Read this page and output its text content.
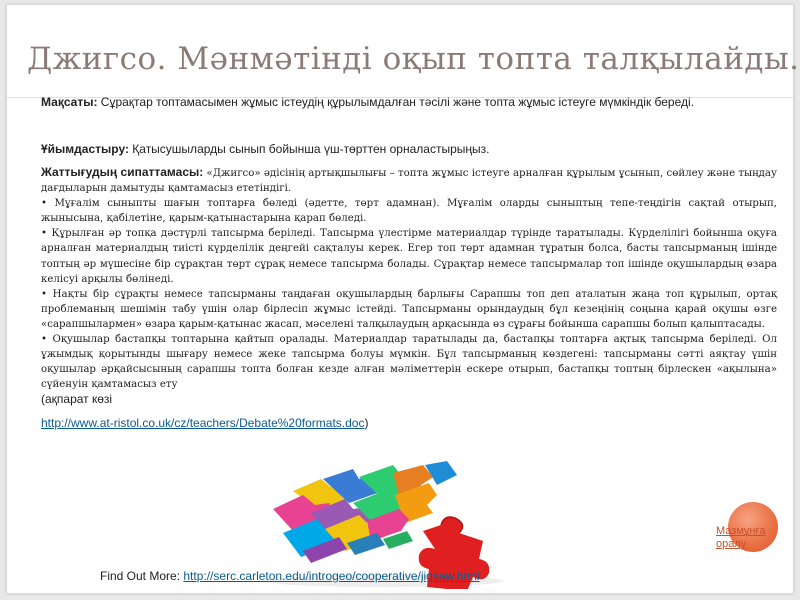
Джигсо. Мәнмәтінді оқып топта талқылайды.

Мақсаты: Сұрақтар топтамасымен жұмыс істеудің құрылымдалған тәсілі және топта жұмыс істеуге мүмкіндік береді.

Ұйымдастыру: Қатысушыларды сынып бойынша үш-төрттен орналастырыңыз.

Жаттығудың сипаттамасы: «Джигсо» әдісінің артықшылығы – топта жұмыс істеуге арналған құрылым ұсынып, сөйлеу және тыңдау дағдыларын дамытуды қамтамасыз ететіндігі.
• Мұғалім сыныпты шағын топтарға бөледі (әдетте, төрт адамнан). Мұғалім оларды сыныптың тепе-теңдігін сақтай отырып, жынысына, қабілетіне, қарым-қатынастарына қарап бөледі.
• Құрылған әр топқа дәстүрлі тапсырма беріледі. Тапсырма үлестірме материалдар түрінде таратылады. Күрделілігі бойынша оқуға арналған материалдың тиісті күрделілік деңгейі сақталуы керек. Егер топ төрт адамнан тұратын болса, басты тапсырманың ішінде топтың әр мүшесіне бір сұрақтан төрт сұрақ немесе тапсырма болады. Сұрақтар немесе тапсырмалар топ ішінде оқушылардың өзара келісуі арқылы бөлінеді.
• Нақты бір сұрақты немесе тапсырманы таңдаған оқушылардың барлығы Сарапшы топ деп аталатын жаңа топ құрылып, ортақ проблеманың шешімін табу үшін олар бірлесіп жұмыс істейді. Тапсырманы орындаудың бұл кезеңінің соңына қарай оқушы өзге «сарапшылармен» өзара қарым-қатынас жасап, мәселені талқылаудың арқасында өз сұрағы бойынша сарапшы болып қалыптасады.
• Оқушылар бастапқы топтарына қайтып оралады. Материалдар таратылады да, бастапқы топтарға ақтық тапсырма беріледі. Ол ұжымдық қорытынды шығару немесе жеке тапсырма болуы мүмкін. Бұл тапсырманың көздегені: тапсырманы сәтті аяқтау үшін оқушылар әрқайсысының сарапшы топта болған кезде алған мәліметтерін ескере отырып, бастапқы топтың бірлескен «ақылына» сүйенуін қамтамасыз ету
(ақпарат көзі
http://www.at-ristol.co.uk/cz/teachers/Debate%20formats.doc)
Мазмұнға оралу
Find Out More: http://serc.carleton.edu/introgeo/cooperative/jigsaw.html
